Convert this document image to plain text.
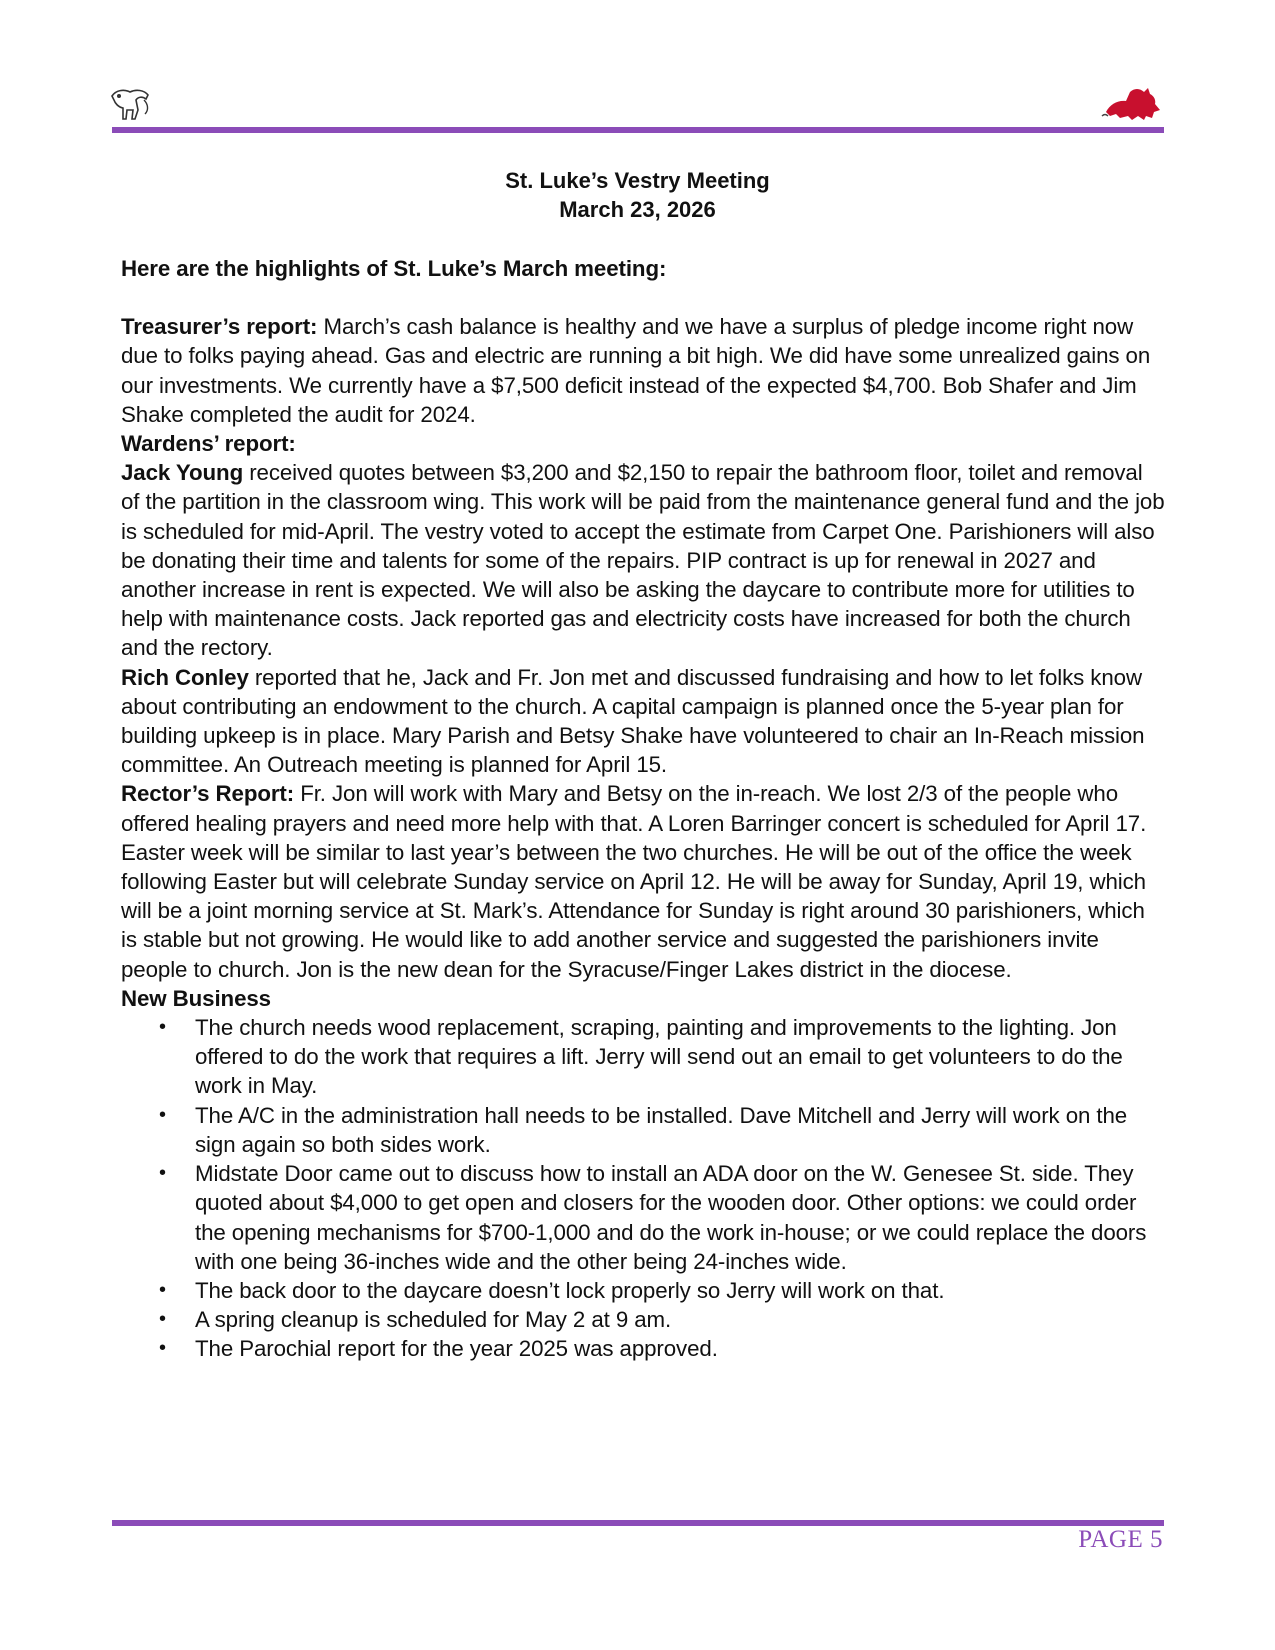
St. Luke’s Vestry Meeting
March 23, 2026

Here are the highlights of St. Luke’s March meeting:

Treasurer’s report: March’s cash balance is healthy and we have a surplus of pledge income right now due to folks paying ahead. Gas and electric are running a bit high. We did have some unrealized gains on our investments. We currently have a $7,500 deficit instead of the expected $4,700. Bob Shafer and Jim Shake completed the audit for 2024.

Wardens’ report:

Jack Young received quotes between $3,200 and $2,150 to repair the bathroom floor, toilet and removal of the partition in the classroom wing. This work will be paid from the maintenance general fund and the job is scheduled for mid-April. The vestry voted to accept the estimate from Carpet One. Parishioners will also be donating their time and talents for some of the repairs. PIP contract is up for renewal in 2027 and another increase in rent is expected. We will also be asking the daycare to contribute more for utilities to help with maintenance costs. Jack reported gas and electricity costs have increased for both the church and the rectory.

Rich Conley reported that he, Jack and Fr. Jon met and discussed fundraising and how to let folks know about contributing an endowment to the church. A capital campaign is planned once the 5-year plan for building upkeep is in place. Mary Parish and Betsy Shake have volunteered to chair an In-Reach mission committee. An Outreach meeting is planned for April 15.

Rector’s Report: Fr. Jon will work with Mary and Betsy on the in-reach. We lost 2/3 of the people who offered healing prayers and need more help with that. A Loren Barringer concert is scheduled for April 17. Easter week will be similar to last year’s between the two churches. He will be out of the office the week following Easter but will celebrate Sunday service on April 12. He will be away for Sunday, April 19, which will be a joint morning service at St. Mark’s. Attendance for Sunday is right around 30 parishioners, which is stable but not growing. He would like to add another service and suggested the parishioners invite people to church. Jon is the new dean for the Syracuse/Finger Lakes district in the diocese.

New Business

• The church needs wood replacement, scraping, painting and improvements to the lighting. Jon offered to do the work that requires a lift. Jerry will send out an email to get volunteers to do the work in May.
• The A/C in the administration hall needs to be installed. Dave Mitchell and Jerry will work on the sign again so both sides work.
• Midstate Door came out to discuss how to install an ADA door on the W. Genesee St. side. They quoted about $4,000 to get open and closers for the wooden door. Other options: we could order the opening mechanisms for $700-1,000 and do the work in-house; or we could replace the doors with one being 36-inches wide and the other being 24-inches wide.
• The back door to the daycare doesn’t lock properly so Jerry will work on that.
• A spring cleanup is scheduled for May 2 at 9 am.
• The Parochial report for the year 2025 was approved.
PAGE 5
